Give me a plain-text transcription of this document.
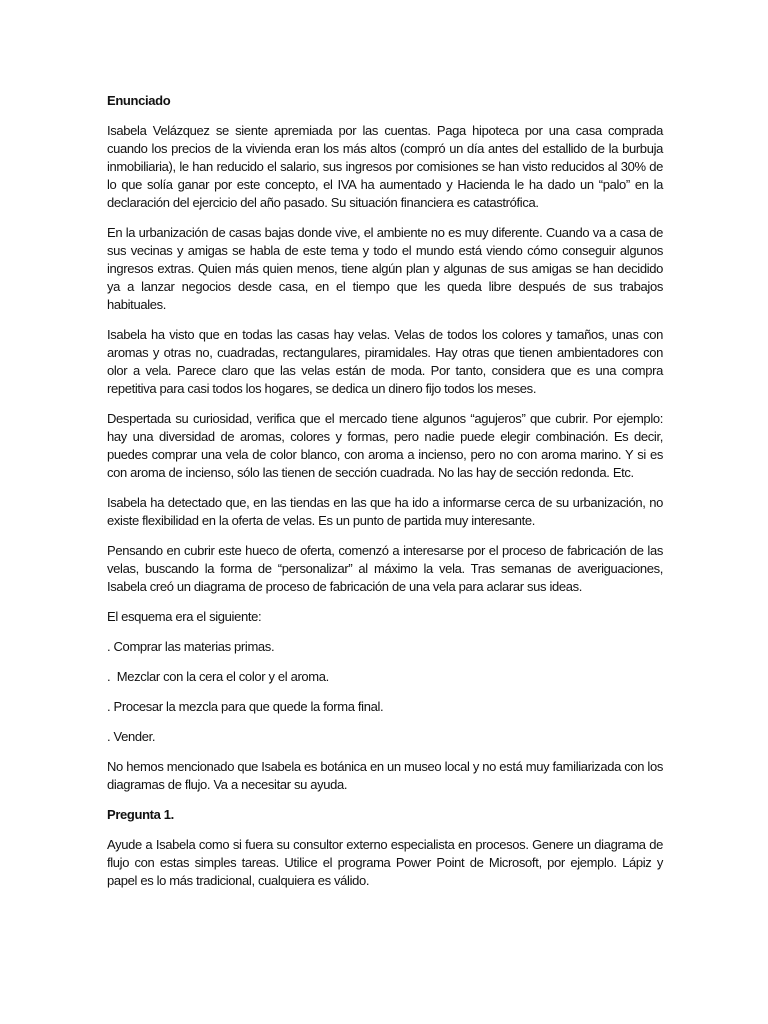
Enunciado
Isabela Velázquez se siente apremiada por las cuentas. Paga hipoteca por una casa comprada cuando los precios de la vivienda eran los más altos (compró un día antes del estallido de la burbuja inmobiliaria), le han reducido el salario, sus ingresos por comisiones se han visto reducidos al 30% de lo que solía ganar por este concepto, el IVA ha aumentado y Hacienda le ha dado un “palo” en la declaración del ejercicio del año pasado. Su situación financiera es catastrófica.
En la urbanización de casas bajas donde vive, el ambiente no es muy diferente. Cuando va a casa de sus vecinas y amigas se habla de este tema y todo el mundo está viendo cómo conseguir algunos ingresos extras. Quien más quien menos, tiene algún plan y algunas de sus amigas se han decidido ya a lanzar negocios desde casa, en el tiempo que les queda libre después de sus trabajos habituales.
Isabela ha visto que en todas las casas hay velas. Velas de todos los colores y tamaños, unas con aromas y otras no, cuadradas, rectangulares, piramidales. Hay otras que tienen ambientadores con olor a vela. Parece claro que las velas están de moda. Por tanto, considera que es una compra repetitiva para casi todos los hogares, se dedica un dinero fijo todos los meses.
Despertada su curiosidad, verifica que el mercado tiene algunos “agujeros” que cubrir. Por ejemplo: hay una diversidad de aromas, colores y formas, pero nadie puede elegir combinación. Es decir, puedes comprar una vela de color blanco, con aroma a incienso, pero no con aroma marino. Y si es con aroma de incienso, sólo las tienen de sección cuadrada. No las hay de sección redonda. Etc.
Isabela ha detectado que, en las tiendas en las que ha ido a informarse cerca de su urbanización, no existe flexibilidad en la oferta de velas. Es un punto de partida muy interesante.
Pensando en cubrir este hueco de oferta, comenzó a interesarse por el proceso de fabricación de las velas, buscando la forma de “personalizar” al máximo la vela. Tras semanas de averiguaciones, Isabela creó un diagrama de proceso de fabricación de una vela para aclarar sus ideas.
El esquema era el siguiente:
. Comprar las materias primas.
.  Mezclar con la cera el color y el aroma.
. Procesar la mezcla para que quede la forma final.
. Vender.
No hemos mencionado que Isabela es botánica en un museo local y no está muy familiarizada con los diagramas de flujo. Va a necesitar su ayuda.
Pregunta 1.
Ayude a Isabela como si fuera su consultor externo especialista en procesos. Genere un diagrama de flujo con estas simples tareas. Utilice el programa Power Point de Microsoft, por ejemplo. Lápiz y papel es lo más tradicional, cualquiera es válido.
